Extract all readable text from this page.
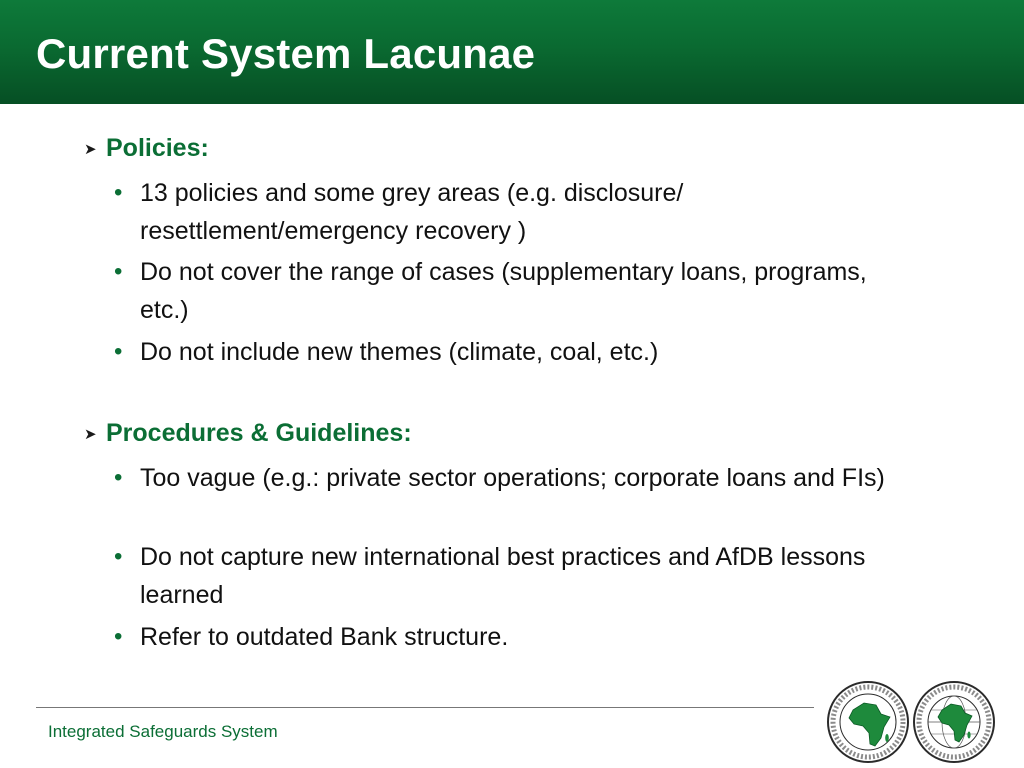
Current System Lacunae
➤ Policies:
• 13 policies and some grey areas (e.g. disclosure/ resettlement/emergency recovery )
• Do not cover the range of cases (supplementary loans, programs, etc.)
• Do not include new themes (climate, coal, etc.)
➤ Procedures & Guidelines:
• Too vague (e.g.: private sector operations; corporate loans and FIs)
• Do not capture new international best practices and AfDB lessons learned
• Refer to outdated Bank structure.
Integrated Safeguards System
